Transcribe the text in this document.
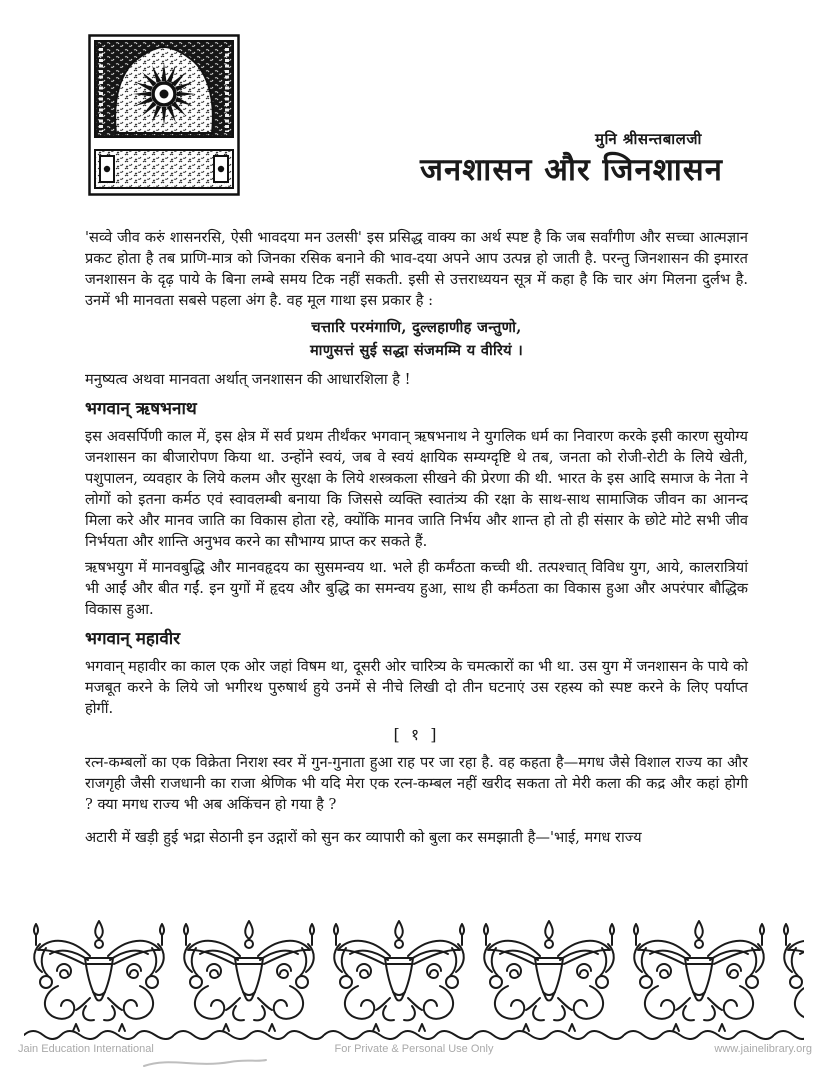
मुनि श्रीसन्तबालजी
जनशासन और जिनशासन

'सव्वे जीव करुं शासनरसि, ऐसी भावदया मन उलसी' इस प्रसिद्ध वाक्य का अर्थ स्पष्ट है कि जब सर्वांगीण और सच्चा आत्मज्ञान प्रकट होता है तब प्राणि-मात्र को जिनका रसिक बनाने की भाव-दया अपने आप उत्पन्न हो जाती है. परन्तु जिनशासन की इमारत जनशासन के दृढ़ पाये के बिना लम्बे समय टिक नहीं सकती. इसी से उत्तराध्ययन सूत्र में कहा है कि चार अंग मिलना दुर्लभ है. उनमें भी मानवता सबसे पहला अंग है. वह मूल गाथा इस प्रकार है :

चत्तारि परमंगाणि, दुल्लहाणीह जन्तुणो,
माणुसत्तं सुई सद्धा संजमम्मि य वीरियं ।

मनुष्यत्व अथवा मानवता अर्थात् जनशासन की आधारशिला है !

भगवान् ऋषभनाथ

इस अवसर्पिणी काल में, इस क्षेत्र में सर्व प्रथम तीर्थंकर भगवान् ऋषभनाथ ने युगलिक धर्म का निवारण करके इसी कारण सुयोग्य जनशासन का बीजारोपण किया था. उन्होंने स्वयं, जब वे स्वयं क्षायिक सम्यग्दृष्टि थे तब, जनता को रोजी-रोटी के लिये खेती, पशुपालन, व्यवहार के लिये कलम और सुरक्षा के लिये शस्त्रकला सीखने की प्रेरणा की थी. भारत के इस आदि समाज के नेता ने लोगों को इतना कर्मठ एवं स्वावलम्बी बनाया कि जिससे व्यक्ति स्वातंत्र्य की रक्षा के साथ-साथ सामाजिक जीवन का आनन्द मिला करे और मानव जाति का विकास होता रहे, क्योंकि मानव जाति निर्भय और शान्त हो तो ही संसार के छोटे मोटे सभी जीव निर्भयता और शान्ति अनुभव करने का सौभाग्य प्राप्त कर सकते हैं.

ऋषभयुग में मानवबुद्धि और मानवहृदय का सुसमन्वय था. भले ही कर्मंठता कच्ची थी. तत्पश्चात् विविध युग, आये, कालरात्रियां भी आईं और बीत गईं. इन युगों में हृदय और बुद्धि का समन्वय हुआ, साथ ही कर्मंठता का विकास हुआ और अपरंपार बौद्धिक विकास हुआ.

भगवान् महावीर

भगवान् महावीर का काल एक ओर जहां विषम था, दूसरी ओर चारित्र्य के चमत्कारों का भी था. उस युग में जनशासन के पाये को मजबूत करने के लिये जो भगीरथ पुरुषार्थ हुये उनमें से नीचे लिखी दो तीन घटनाएं उस रहस्य को स्पष्ट करने के लिए पर्याप्त होगीं.

[ १ ]

रत्न-कम्बलों का एक विक्रेता निराश स्वर में गुन-गुनाता हुआ राह पर जा रहा है. वह कहता है—मगध जैसे विशाल राज्य का और राजगृही जैसी राजधानी का राजा श्रेणिक भी यदि मेरा एक रत्न-कम्बल नहीं खरीद सकता तो मेरी कला की कद्र और कहां होगी ? क्या मगध राज्य भी अब अकिंचन हो गया है ?

अटारी में खड़ी हुई भद्रा सेठानी इन उद्गारों को सुन कर व्यापारी को बुला कर समझाती है—'भाई, मगध राज्य

Jain Education International	For Private & Personal Use Only	www.jainelibrary.org
